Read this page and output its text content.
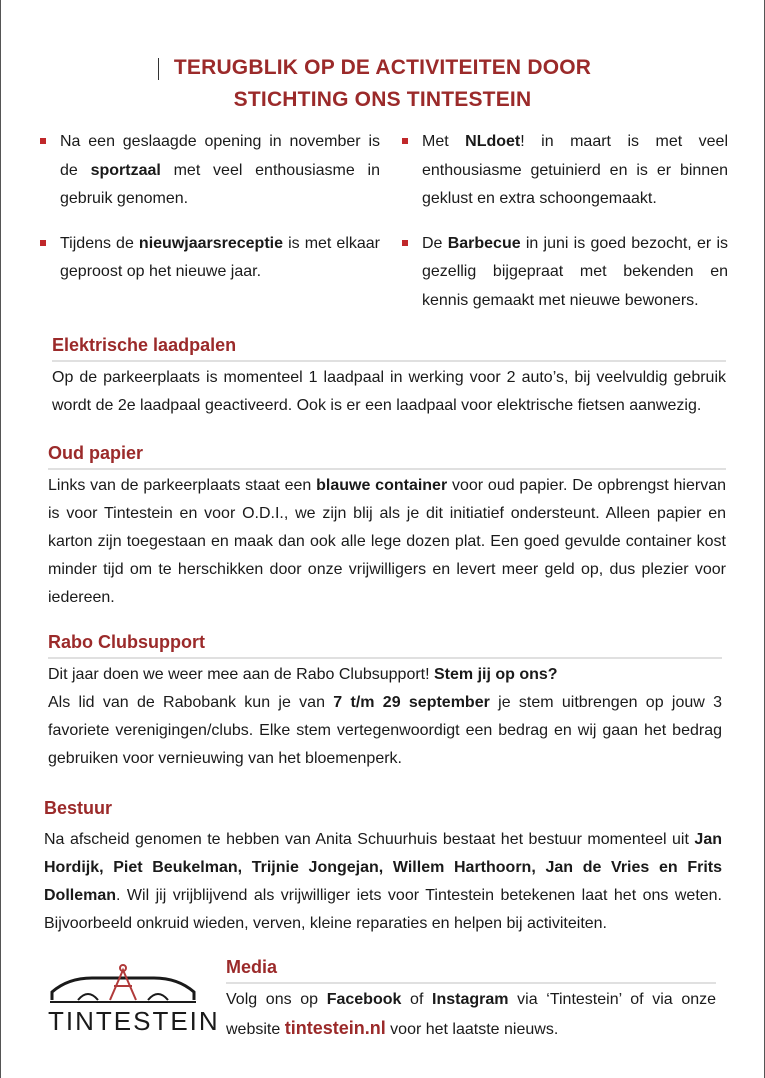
TERUGBLIK OP DE ACTIVITEITEN DOOR
STICHTING ONS TINTESTEIN
Na een geslaagde opening in november is de sportzaal met veel enthousiasme in gebruik genomen.
Met NLdoet! in maart is met veel enthousiasme getuinierd en is er binnen geklust en extra schoongemaakt.
Tijdens de nieuwjaarsreceptie is met elkaar geproost op het nieuwe jaar.
De Barbecue in juni is goed bezocht, er is gezellig bijgepraat met bekenden en kennis gemaakt met nieuwe bewoners.
Elektrische laadpalen

Op de parkeerplaats is momenteel 1 laadpaal in werking voor 2 auto’s, bij veelvuldig gebruik wordt de 2e laadpaal geactiveerd. Ook is er een laadpaal voor elektrische fietsen aanwezig.

Oud papier

Links van de parkeerplaats staat een blauwe container voor oud papier. De opbrengst hiervan is voor Tintestein en voor O.D.I., we zijn blij als je dit initiatief ondersteunt. Alleen papier en karton zijn toegestaan en maak dan ook alle lege dozen plat. Een goed gevulde container kost minder tijd om te herschikken door onze vrijwilligers en levert meer geld op, dus plezier voor iedereen.

Rabo Clubsupport

Dit jaar doen we weer mee aan de Rabo Clubsupport! Stem jij op ons?

Als lid van de Rabobank kun je van 7 t/m 29 september je stem uitbrengen op jouw 3 favoriete verenigingen/clubs. Elke stem vertegenwoordigt een bedrag en wij gaan het bedrag gebruiken voor vernieuwing van het bloemenperk.

Bestuur

Na afscheid genomen te hebben van Anita Schuurhuis bestaat het bestuur momenteel uit Jan Hordijk, Piet Beukelman, Trijnie Jongejan, Willem Harthoorn, Jan de Vries en Frits Dolleman. Wil jij vrijblijvend als vrijwilliger iets voor Tintestein betekenen laat het ons weten. Bijvoorbeeld onkruid wieden, verven, kleine reparaties en helpen bij activiteiten.

TINTESTEIN
Media

Volg ons op Facebook of Instagram via ‘Tintestein’ of via onze website tintestein.nl voor het laatste nieuws.
